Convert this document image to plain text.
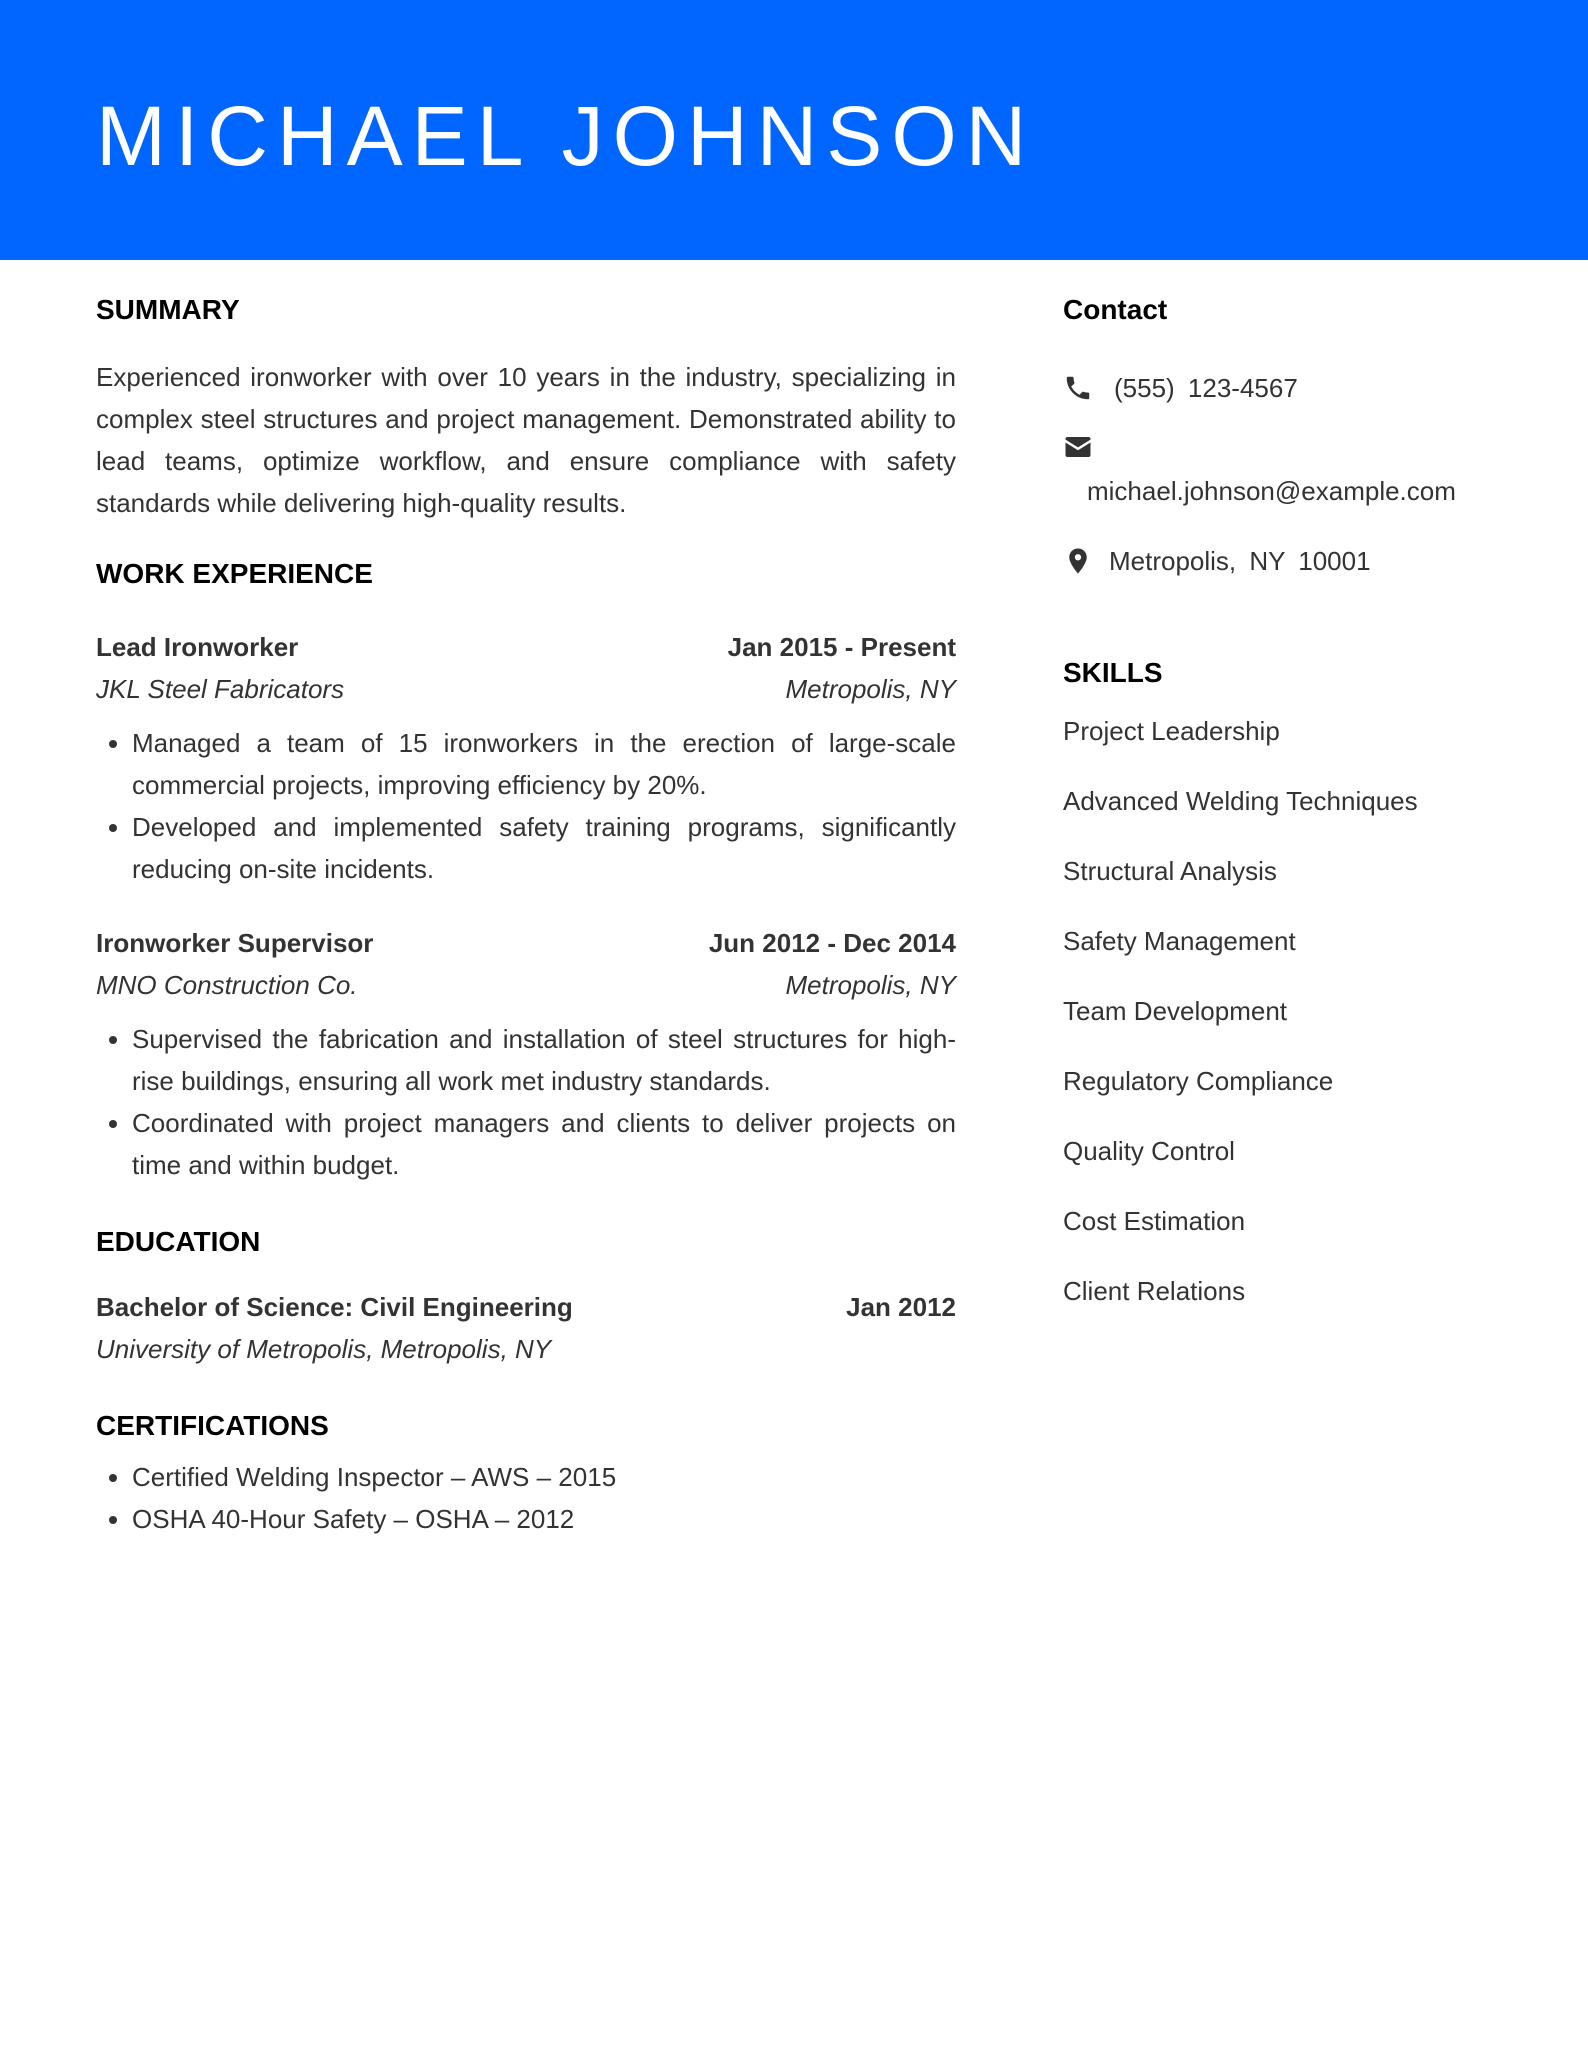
MICHAEL JOHNSON
SUMMARY

Experienced ironworker with over 10 years in the industry, specializing in complex steel structures and project management. Demonstrated ability to lead teams, optimize workflow, and ensure compliance with safety standards while delivering high-quality results.

WORK EXPERIENCE
Lead Ironworker	Jan 2015 - Present
JKL Steel Fabricators	Metropolis, NY
• Managed a team of 15 ironworkers in the erection of large-scale commercial projects, improving efficiency by 20%.
• Developed and implemented safety training programs, significantly reducing on-site incidents.
Ironworker Supervisor	Jun 2012 - Dec 2014
MNO Construction Co.	Metropolis, NY
• Supervised the fabrication and installation of steel structures for high-rise buildings, ensuring all work met industry standards.
• Coordinated with project managers and clients to deliver projects on time and within budget.
EDUCATION
Bachelor of Science: Civil Engineering	Jan 2012
University of Metropolis, Metropolis, NY
CERTIFICATIONS
• Certified Welding Inspector – AWS – 2015
• OSHA 40-Hour Safety – OSHA – 2012
Contact
(555) 123-4567
michael.johnson@example.com
Metropolis, NY 10001
SKILLS
Project Leadership
Advanced Welding Techniques
Structural Analysis
Safety Management
Team Development
Regulatory Compliance
Quality Control
Cost Estimation
Client Relations
